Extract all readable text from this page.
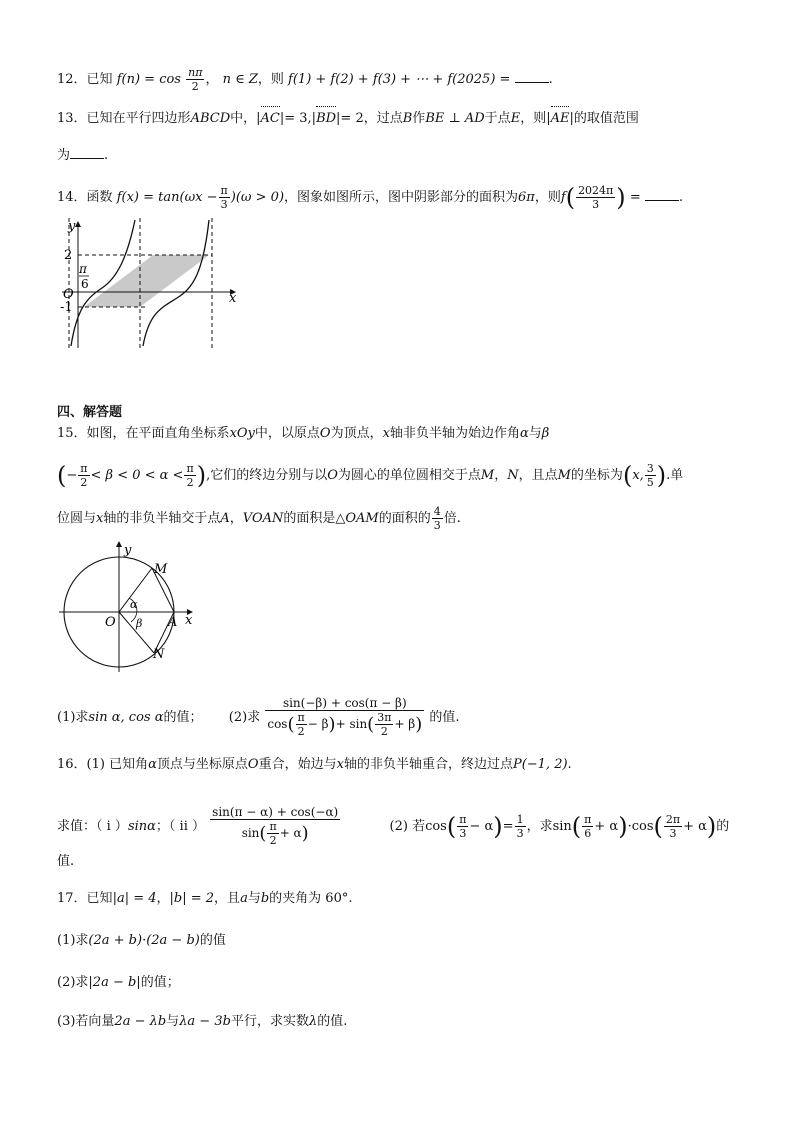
12．已知 $f(n) = \cos \frac{n\pi}{2}$ ， n ∈ Z，则 f(1) + f(2) + f(3) + ⋯ + f(2025) =	.
13．已知在平行四边形ABCD中，|AC|= 3,|BD|= 2，过点B作BE ⊥ AD于点E，则|AE|的取值范围
为	.
14．函数 $f(x) = \tan(\omega x - \frac{\pi}{3} )(\omega > 0)$，图象如图所示，图中阴影部分的面积为6π，则$f( \frac{2024\pi}{3}$ ) =	.
2
-1
O
π
6
y
x
四、解答题
15．如图，在平面直角坐标系xOy中，以原点O为顶点，x轴非负半轴为始边作角α与β
(− $\frac{\pi}{2} < \beta < 0 < \alpha < \frac{\pi}{2}$ ),它们的终边分别与以O为圆心的单位圆相交于点M，N，且点M的坐标为(x, $\frac{3}{5}$ ).单
位圆与x轴的非负半轴交于点A，VOAN的面积是△OAM的面积的 $\frac{4}{3}$ 倍.
y
x
O
M
A
N
α
β
(1)求sin α, cos α的值； (2)求 $\frac{\sin(-\beta) + \cos(\pi - \beta)}{\cos( \frac{\pi}{2} - \beta)+ \sin( \frac{3\pi}{2} + \beta)}$ 的值.
16．(1) 已知角α顶点与坐标原点O重合，始边与x轴的非负半轴重合，终边过点P(−1, 2).
求值：（ i ）sinα；（ ii ） $\frac{\sin(\pi - \alpha) + \cos(-\alpha)}{\sin( \frac{\pi}{2} + \alpha)}$	(2) 若$\cos( \frac{\pi}{3} - \alpha)= \frac{1}{3}$ ，求$\sin( \frac{\pi}{6} + \alpha)\cdot\cos( \frac{2\pi}{3} + \alpha)$的
值.
17．已知|a| = 4，|b| = 2，且a与b的夹角为 60°.
(1)求(2a + b)·(2a − b)的值
(2)求|2a − b|的值；
(3)若向量2a − λb与λa − 3b平行，求实数λ的值.
